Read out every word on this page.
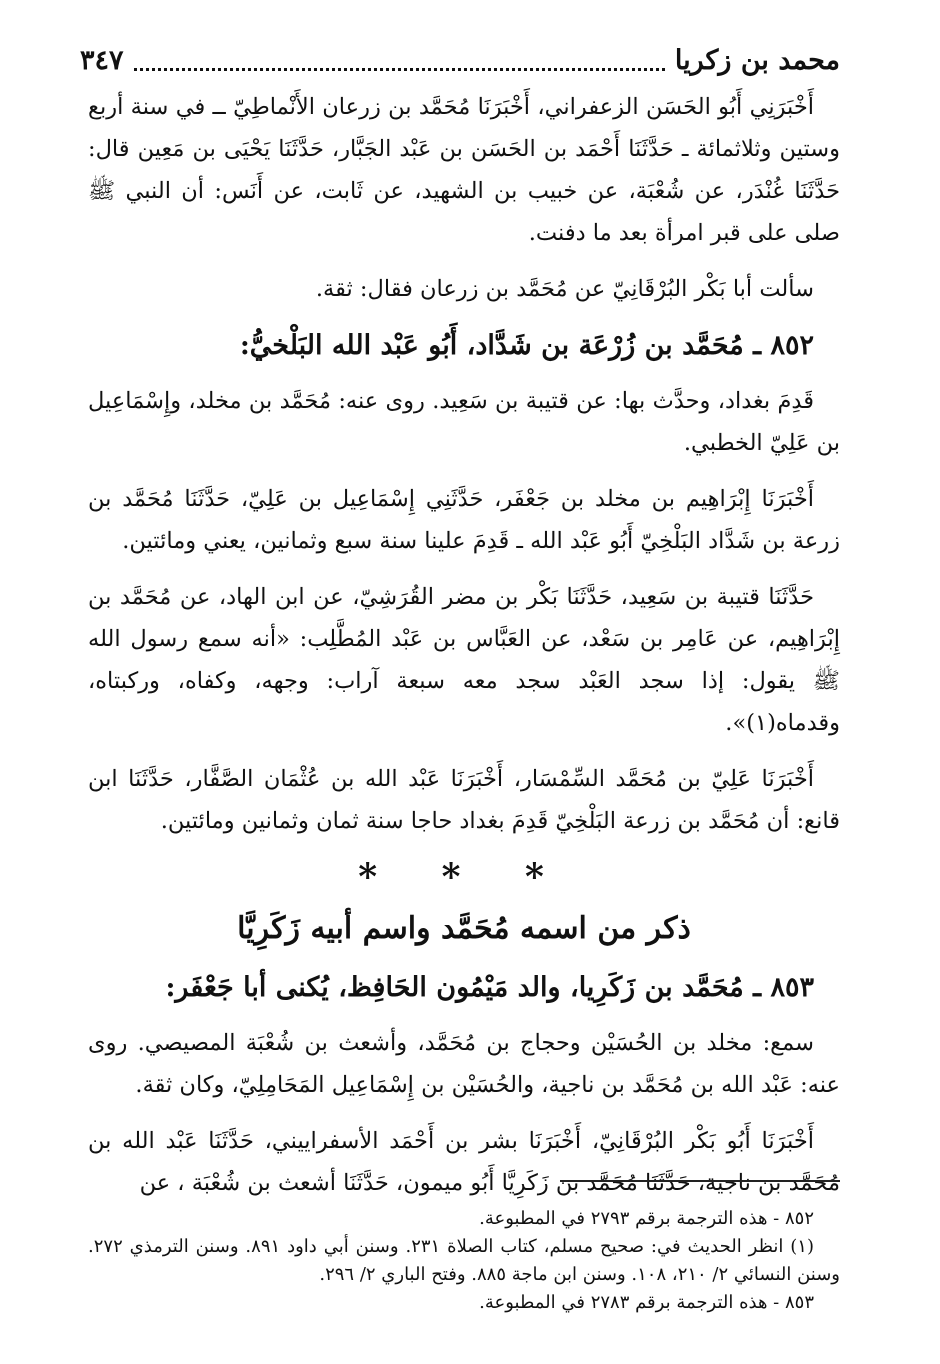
محمد بن زكريا
٣٤٧

أَخْبَرَنِي أَبُو الحَسَن الزعفراني، أَخْبَرَنَا مُحَمَّد بن زرعان الأَنْماطِيّ ــ في سنة أربع وستين وثلاثمائة ـ حَدَّثَنَا أَحْمَد بن الحَسَن بن عَبْد الجَبَّار، حَدَّثَنَا يَحْيَى بن مَعِين قال: حَدَّثَنَا غُنْدَر، عن شُعْبَة، عن خبيب بن الشهيد، عن ثَابت، عن أَنَس: أن النبي ﷺ صلى على قبر امرأة بعد ما دفنت.

سألت أبا بَكْر البُرْقَانِيّ عن مُحَمَّد بن زرعان فقال: ثقة.

٨٥٢ ـ مُحَمَّد بن زُرْعَة بن شَدَّاد، أَبُو عَبْد الله البَلْخيُّ:

قَدِمَ بغداد، وحدَّث بها: عن قتيبة بن سَعِيد. روى عنه: مُحَمَّد بن مخلد، وإِسْمَاعِيل بن عَلِيّ الخطبي.

أَخْبَرَنَا إِبْرَاهِيم بن مخلد بن جَعْفَر، حَدَّثَنِي إِسْمَاعِيل بن عَلِيّ، حَدَّثَنَا مُحَمَّد بن زرعة بن شَدَّاد البَلْخِيّ أَبُو عَبْد الله ـ قَدِمَ علينا سنة سبع وثمانين، يعني ومائتين.

حَدَّثَنَا قتيبة بن سَعِيد، حَدَّثَنَا بَكْر بن مضر القُرَشِيّ، عن ابن الهاد، عن مُحَمَّد بن إِبْرَاهِيم، عن عَامِر بن سَعْد، عن العَبَّاس بن عَبْد المُطَّلِب: «أنه سمع رسول الله ﷺ يقول: إذا سجد العَبْد سجد معه سبعة آراب: وجهه، وكفاه، وركبتاه، وقدماه(١)».

أَخْبَرَنَا عَلِيّ بن مُحَمَّد السِّمْسَار، أَخْبَرَنَا عَبْد الله بن عُثْمَان الصَّفَّار، حَدَّثَنَا ابن قانع: أن مُحَمَّد بن زرعة البَلْخِيّ قَدِمَ بغداد حاجا سنة ثمان وثمانين ومائتين.

* * *
ذكر من اسمه مُحَمَّد واسم أبيه زَكَرِيَّا
٨٥٣ ـ مُحَمَّد بن زَكَرِيا، والد مَيْمُون الحَافِظ، يُكنى أبا جَعْفَر:

سمع: مخلد بن الحُسَيْن وحجاج بن مُحَمَّد، وأشعث بن شُعْبَة المصيصي. روى عنه: عَبْد الله بن مُحَمَّد بن ناجية، والحُسَيْن بن إِسْمَاعِيل المَحَامِلِيّ، وكان ثقة.

أَخْبَرَنَا أَبُو بَكْر البُرْقَانِيّ، أَخْبَرَنَا بشر بن أَحْمَد الأسفراييني، حَدَّثَنَا عَبْد الله بن مُحَمَّد بن ناجية، حَدَّثَنَا مُحَمَّد بن زَكَرِيَّا أَبُو ميمون، حَدَّثَنَا أشعث بن شُعْبَة ، عن

٨٥٢ - هذه الترجمة برقم ٢٧٩٣ في المطبوعة.

(١) انظر الحديث في: صحيح مسلم، كتاب الصلاة ٢٣١. وسنن أبي داود ٨٩١. وسنن الترمذي ٢٧٢. وسنن النسائي ٢/ ٢١٠، ١٠٨. وسنن ابن ماجة ٨٨٥. وفتح الباري ٢/ ٢٩٦.

٨٥٣ - هذه الترجمة برقم ٢٧٨٣ في المطبوعة.
